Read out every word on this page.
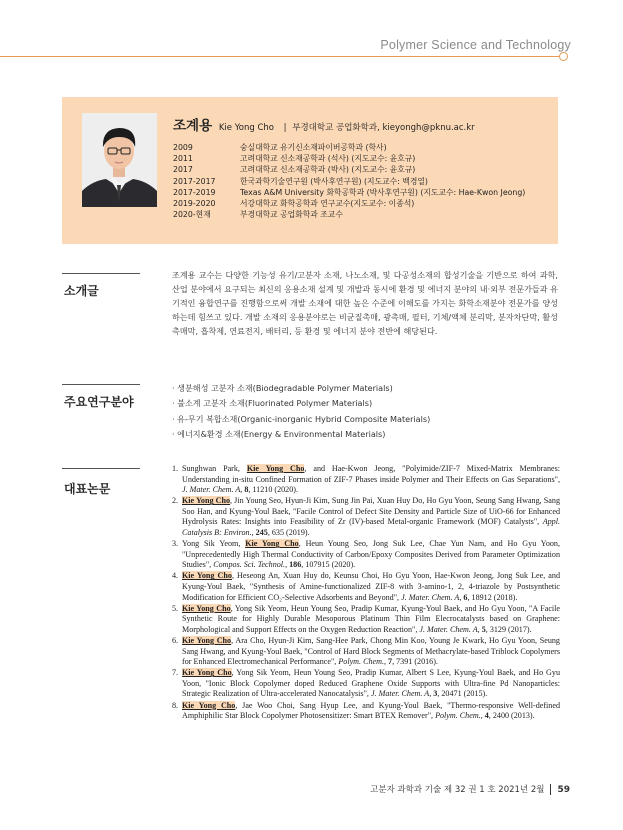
Polymer Science and Technology
조계용 Kie Yong Cho | 부경대학교 공업화학과, kieyongh@pknu.ac.kr
2009	숭실대학교 유기신소재파이버공학과 (학사)
2011	고려대학교 신소재공학과 (석사) (지도교수: 윤호규)
2017	고려대학교 신소재공학과 (박사) (지도교수: 윤호규)
2017-2017	한국과학기술연구원 (박사후연구원) (지도교수: 백경열)
2017-2019	Texas A&M University 화학공학과 (박사후연구원) (지도교수: Hae-Kwon Jeong)
2019-2020	서강대학교 화학공학과 연구교수(지도교수: 이종석)
2020-현재	부경대학교 공업화학과 조교수
소개글
조계용 교수는 다양한 기능성 유기/고분자 소재, 나노소재, 및 다공성소재의 합성기술을 기반으로 하여 과학, 산업 분야에서 요구되는 최신의 응용소재 설계 및 개발과 동시에 환경 및 에너지 분야의 내·외부 전문가들과 유기적인 융합연구를 진행함으로써 개발 소재에 대한 높은 수준에 이해도를 가지는 화학소재분야 전문가를 양성하는데 힘쓰고 있다. 개발 소재의 응용분야로는 비균질촉매, 광촉매, 필터, 기체/액체 분리막, 분자차단막, 활성촉매막, 흡착제, 연료전지, 배터리, 등 환경 및 에너지 분야 전반에 해당된다.
주요연구분야
· 생분해성 고분자 소재(Biodegradable Polymer Materials)
· 불소계 고분자 소재(Fluorinated Polymer Materials)
· 유-무기 복합소재(Organic-inorganic Hybrid Composite Materials)
· 에너지&환경 소재(Energy & Environmental Materials)
대표논문
1. Sunghwan Park, Kie Yong Cho, and Hae-Kwon Jeong, "Polyimide/ZIF-7 Mixed-Matrix Membranes: Understanding in-situ Confined Formation of ZIF-7 Phases inside Polymer and Their Effects on Gas Separations", J. Mater. Chem. A, 8, 11210 (2020).
2. Kie Yong Cho, Jin Young Seo, Hyun-Ji Kim, Sung Jin Pai, Xuan Huy Do, Ho Gyu Yoon, Seung Sang Hwang, Sang Soo Han, and Kyung-Youl Baek, "Facile Control of Defect Site Density and Particle Size of UiO-66 for Enhanced Hydrolysis Rates: Insights into Feasibility of Zr (IV)-based Metal-organic Framework (MOF) Catalysts", Appl. Catalysis B: Environ., 245, 635 (2019).
3. Yong Sik Yeom, Kie Yong Cho, Heun Young Seo, Jong Suk Lee, Chae Yun Nam, and Ho Gyu Yoon, "Unprecedentedly High Thermal Conductivity of Carbon/Epoxy Composites Derived from Parameter Optimization Studies", Compos. Sci. Technol., 186, 107915 (2020).
4. Kie Yong Cho, Heseong An, Xuan Huy do, Keunsu Choi, Ho Gyu Yoon, Hae-Kwon Jeong, Jong Suk Lee, and Kyung-Youl Baek, "Synthesis of Amine-functionalized ZIF-8 with 3-amino-1, 2, 4-triazole by Postsynthetic Modification for Efficient CO₂-Selective Adsorbents and Beyond", J. Mater. Chem. A, 6, 18912 (2018).
5. Kie Yong Cho, Yong Sik Yeom, Heun Young Seo, Pradip Kumar, Kyung-Youl Baek, and Ho Gyu Yoon, "A Facile Synthetic Route for Highly Durable Mesoporous Platinum Thin Film Elecrocatalysts based on Graphene: Morphological and Support Effects on the Oxygen Reduction Reaction", J. Mater. Chem. A, 5, 3129 (2017).
6. Kie Yong Cho, Ara Cho, Hyun-Ji Kim, Sang-Hee Park, Chong Min Koo, Young Je Kwark, Ho Gyu Yoon, Seung Sang Hwang, and Kyung-Youl Baek, "Control of Hard Block Segments of Methacrylate-based Triblock Copolymers for Enhanced Electromechanical Performance", Polym. Chem., 7, 7391 (2016).
7. Kie Yong Cho, Yong Sik Yeom, Heun Young Seo, Pradip Kumar, Albert S Lee, Kyung-Youl Baek, and Ho Gyu Yoon, "Ionic Block Copolymer doped Reduced Graphene Oxide Supports with Ultra-fine Pd Nanoparticles: Strategic Realization of Ultra-accelerated Nanocatalysis", J. Mater. Chem. A, 3, 20471 (2015).
8. Kie Yong Cho, Jae Woo Choi, Sang Hyup Lee, and Kyung-Youl Baek, "Thermo-responsive Well-defined Amphiphilic Star Block Copolymer Photosensitizer: Smart BTEX Remover", Polym. Chem., 4, 2400 (2013).
고분자 과학과 기술 제 32 권 1 호 2021년 2월 59
